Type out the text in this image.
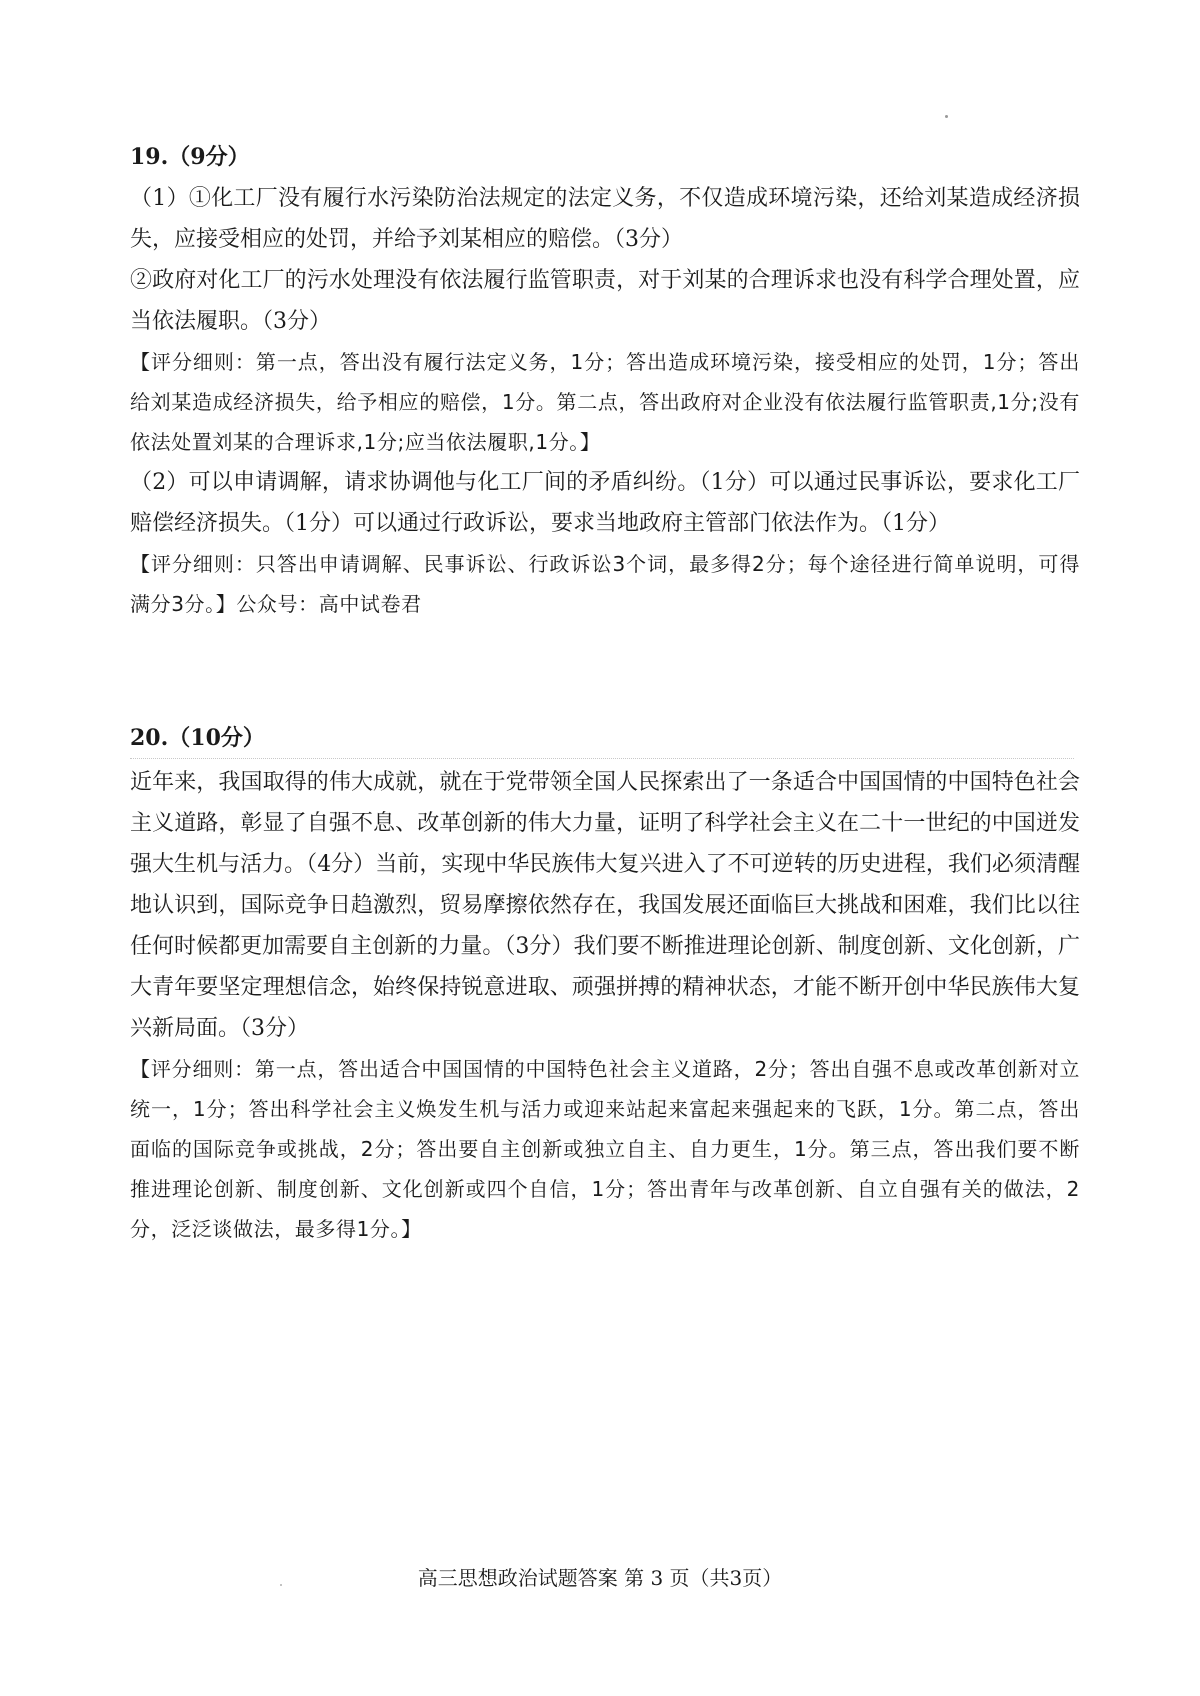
19.（9分）

（1）①化工厂没有履行水污染防治法规定的法定义务，不仅造成环境污染，还给刘某造成经济损失，应接受相应的处罚，并给予刘某相应的赔偿。（3分）

②政府对化工厂的污水处理没有依法履行监管职责，对于刘某的合理诉求也没有科学合理处置，应当依法履职。（3分）

【评分细则：第一点，答出没有履行法定义务，1分；答出造成环境污染，接受相应的处罚，1分；答出给刘某造成经济损失，给予相应的赔偿，1分。第二点，答出政府对企业没有依法履行监管职责,1分;没有依法处置刘某的合理诉求,1分;应当依法履职,1分。】

（2）可以申请调解，请求协调他与化工厂间的矛盾纠纷。（1分）可以通过民事诉讼，要求化工厂赔偿经济损失。（1分）可以通过行政诉讼，要求当地政府主管部门依法作为。（1分）

【评分细则：只答出申请调解、民事诉讼、行政诉讼3个词，最多得2分；每个途径进行简单说明，可得满分3分。】公众号：高中试卷君

20.（10分）

近年来，我国取得的伟大成就，就在于党带领全国人民探索出了一条适合中国国情的中国特色社会主义道路，彰显了自强不息、改革创新的伟大力量，证明了科学社会主义在二十一世纪的中国迸发强大生机与活力。（4分）当前，实现中华民族伟大复兴进入了不可逆转的历史进程，我们必须清醒地认识到，国际竞争日趋激烈，贸易摩擦依然存在，我国发展还面临巨大挑战和困难，我们比以往任何时候都更加需要自主创新的力量。（3分）我们要不断推进理论创新、制度创新、文化创新，广大青年要坚定理想信念，始终保持锐意进取、顽强拼搏的精神状态，才能不断开创中华民族伟大复兴新局面。（3分）

【评分细则：第一点，答出适合中国国情的中国特色社会主义道路，2分；答出自强不息或改革创新对立统一，1分；答出科学社会主义焕发生机与活力或迎来站起来富起来强起来的飞跃，1分。第二点，答出面临的国际竞争或挑战，2分；答出要自主创新或独立自主、自力更生，1分。第三点，答出我们要不断推进理论创新、制度创新、文化创新或四个自信，1分；答出青年与改革创新、自立自强有关的做法，2分，泛泛谈做法，最多得1分。】

高三思想政治试题答案 第 3 页（共3页）
